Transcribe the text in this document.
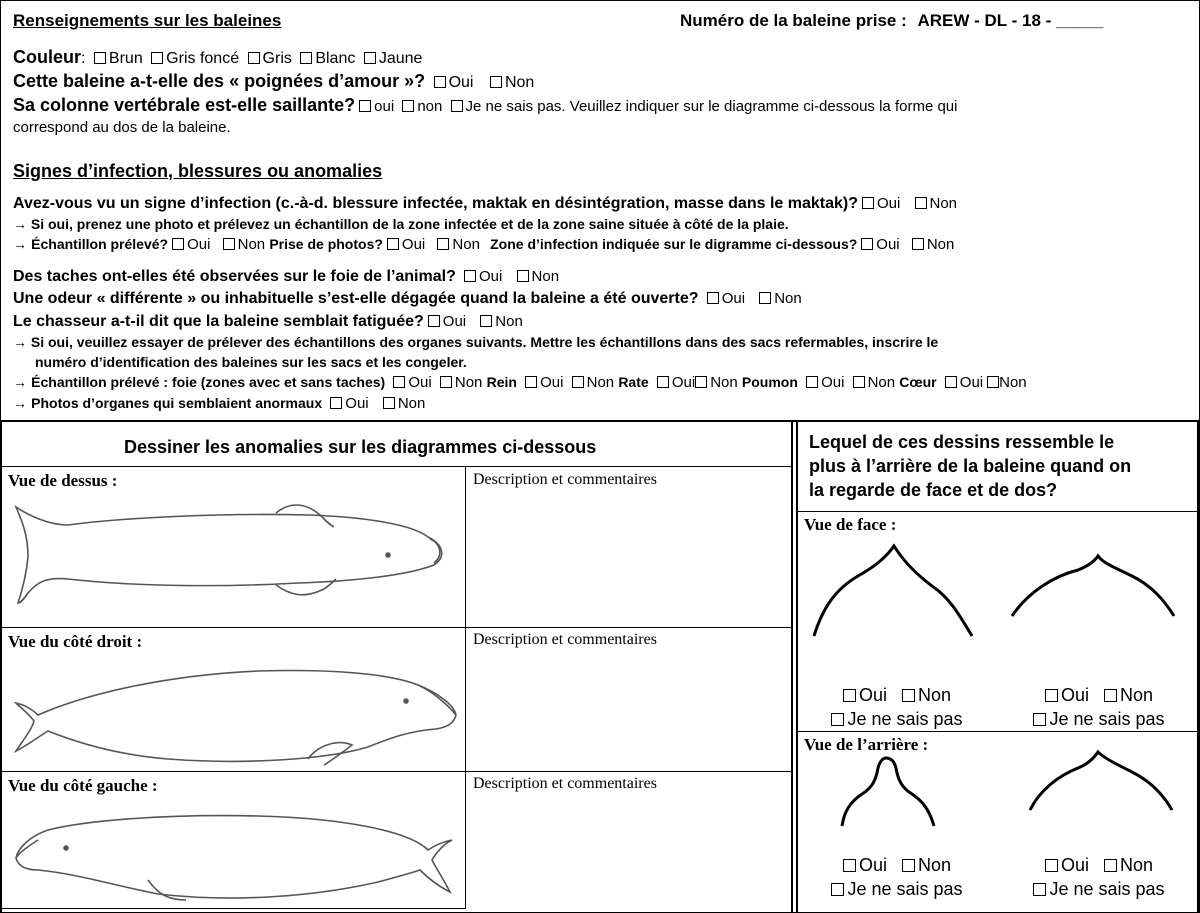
Renseignements sur les baleines	Numéro de la baleine prise : AREW - DL - 18 - _____
Couleur: Brun Gris foncé Gris Blanc Jaune
Cette baleine a-t-elle des « poignées d’amour »? Oui Non
Sa colonne vertébrale est-elle saillante? oui non Je ne sais pas. Veuillez indiquer sur le diagramme ci-dessous la forme qui
correspond au dos de la baleine.
Signes d’infection, blessures ou anomalies
Avez-vous vu un signe d’infection (c.-à-d. blessure infectée, maktak en désintégration, masse dans le maktak)? Oui Non
→ Si oui, prenez une photo et prélevez un échantillon de la zone infectée et de la zone saine située à côté de la plaie.
→ Échantillon prélevé? Oui Non Prise de photos? Oui Non Zone d’infection indiquée sur le digramme ci-dessous? Oui Non
Des taches ont-elles été observées sur le foie de l’animal? Oui Non
Une odeur « différente » ou inhabituelle s’est-elle dégagée quand la baleine a été ouverte? Oui Non
Le chasseur a-t-il dit que la baleine semblait fatiguée? Oui Non
→ Si oui, veuillez essayer de prélever des échantillons des organes suivants. Mettre les échantillons dans des sacs refermables, inscrire le
numéro d’identification des baleines sur les sacs et les congeler.
→ Échantillon prélevé : foie (zones avec et sans taches) Oui Non Rein Oui Non Rate Oui Non Poumon Oui Non Cœur Oui Non
→ Photos d’organes qui semblaient anormaux Oui Non
Dessiner les anomalies sur les diagrammes ci-dessous
Vue de dessus :	Description et commentaires
Vue du côté droit :	Description et commentaires
Vue du côté gauche :	Description et commentaires
Lequel de ces dessins ressemble le
plus à l’arrière de la baleine quand on
la regarde de face et de dos?
Vue de face :
Vue de l’arrière :
Oui Non
Je ne sais pas
Oui Non
Je ne sais pas
Oui Non
Je ne sais pas
Oui Non
Je ne sais pas
